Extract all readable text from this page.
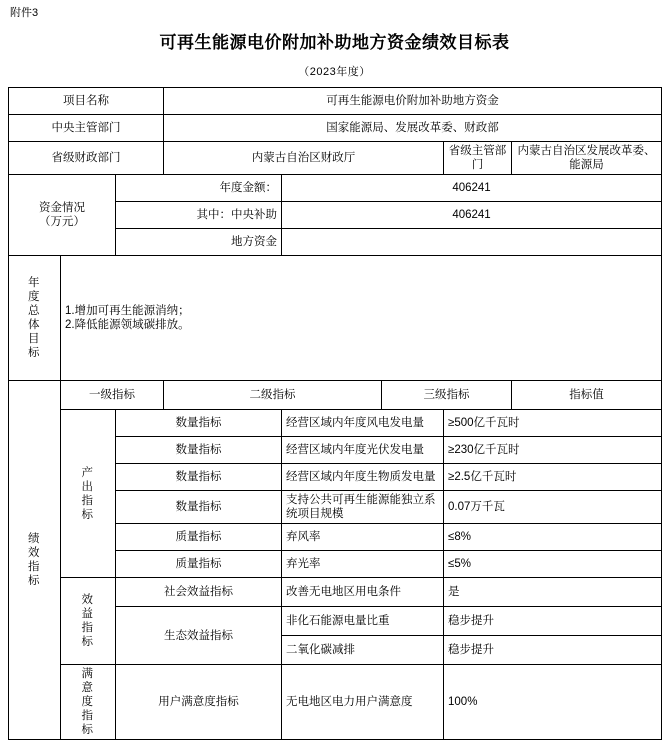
附件3
可再生能源电价附加补助地方资金绩效目标表
（2023年度）
项目名称			可再生能源电价附加补助地方资金				
中央主管部门			国家能源局、发展改革委、财政部				
省级财政部门			内蒙古自治区财政厅			省级主管部门	内蒙古自治区发展改革委、能源局

资金情况
（万元）		年度金额：		406241			
		其中：中央补助		406241			
		地方资金					

年度总体目标	1.增加可再生能源消纳；
2.降低能源领域碳排放。						

绩效指标	一级指标		二级指标		三级指标		指标值

	产出指标	数量指标		经营区域内年度风电发电量		≥500亿千瓦时	
		数量指标		经营区域内年度光伏发电量		≥230亿千瓦时	
		数量指标		经营区域内年度生物质发电量		≥2.5亿千瓦时	
		数量指标		支持公共可再生能源能独立系统项目规模		0.07万千瓦	
		质量指标		弃风率		≤8%	
		质量指标		弃光率		≤5%	

	效益指标	社会效益指标		改善无电地区用电条件		是	
		生态效益指标		非化石能源电量比重		稳步提升	
				二氧化碳减排		稳步提升	

	满意度指标	用户满意度指标		无电地区电力用户满意度		100%	
